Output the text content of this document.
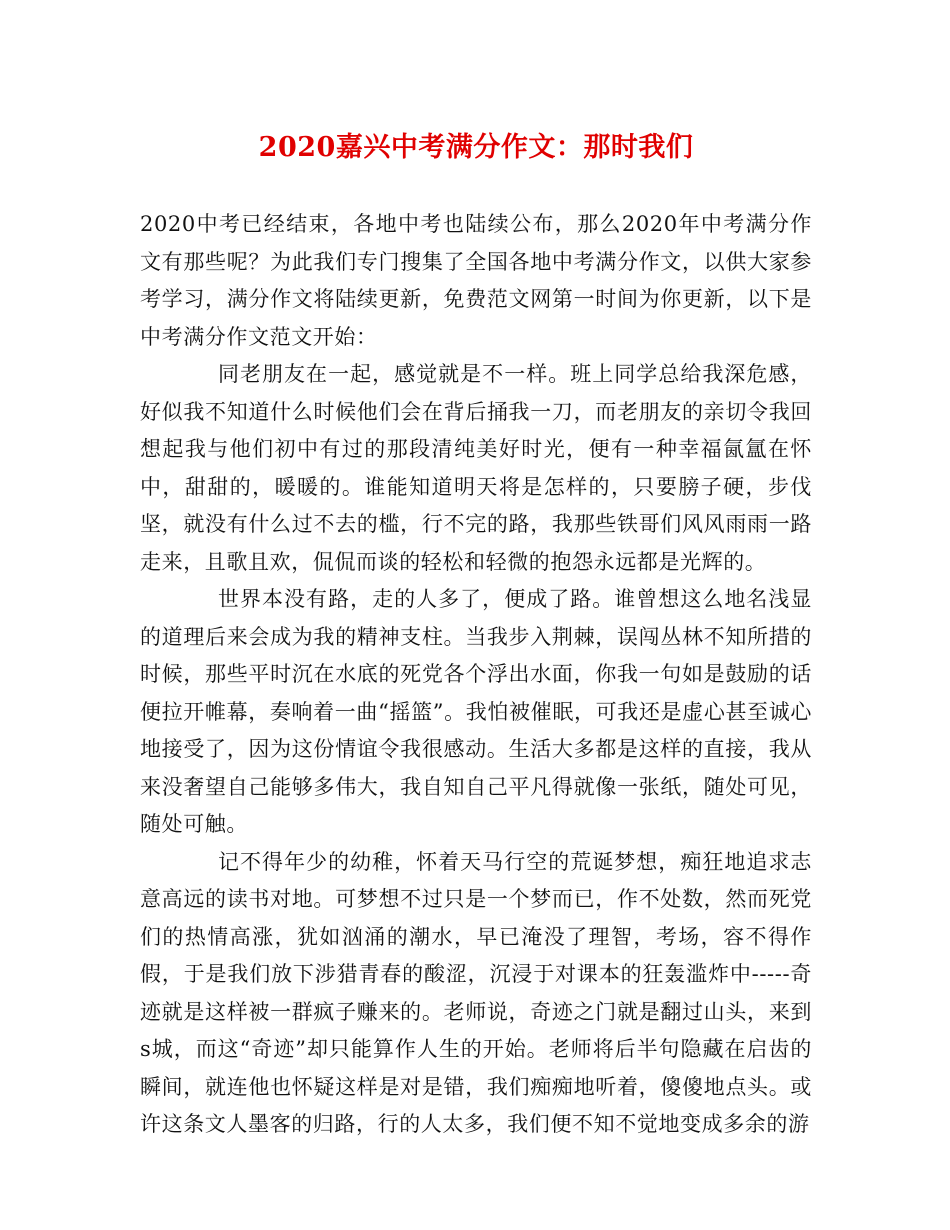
2020嘉兴中考满分作文：那时我们

2020中考已经结束，各地中考也陆续公布，那么2020年中考满分作文有那些呢？为此我们专门搜集了全国各地中考满分作文，以供大家参考学习，满分作文将陆续更新，免费范文网第一时间为你更新，以下是中考满分作文范文开始：

同老朋友在一起，感觉就是不一样。班上同学总给我深危感，好似我不知道什么时候他们会在背后捅我一刀，而老朋友的亲切令我回想起我与他们初中有过的那段清纯美好时光，便有一种幸福氤氲在怀中，甜甜的，暖暖的。谁能知道明天将是怎样的，只要膀子硬，步伐坚，就没有什么过不去的槛，行不完的路，我那些铁哥们风风雨雨一路走来，且歌且欢，侃侃而谈的轻松和轻微的抱怨永远都是光辉的。

世界本没有路，走的人多了，便成了路。谁曾想这么地名浅显的道理后来会成为我的精神支柱。当我步入荆棘，误闯丛林不知所措的时候，那些平时沉在水底的死党各个浮出水面，你我一句如是鼓励的话便拉开帷幕，奏响着一曲“摇篮”。我怕被催眠，可我还是虚心甚至诚心地接受了，因为这份情谊令我很感动。生活大多都是这样的直接，我从来没奢望自己能够多伟大，我自知自己平凡得就像一张纸，随处可见，随处可触。

记不得年少的幼稚，怀着天马行空的荒诞梦想，痴狂地追求志意高远的读书对地。可梦想不过只是一个梦而已，作不处数，然而死党们的热情高涨，犹如汹涌的潮水，早已淹没了理智，考场，容不得作假，于是我们放下涉猎青春的酸涩，沉浸于对课本的狂轰滥炸中-----奇迹就是这样被一群疯子赚来的。老师说，奇迹之门就是翻过山头，来到s城，而这“奇迹”却只能算作人生的开始。老师将后半句隐藏在启齿的瞬间，就连他也怀疑这样是对是错，我们痴痴地听着，傻傻地点头。或许这条文人墨客的归路，行的人太多，我们便不知不觉地变成多余的游
